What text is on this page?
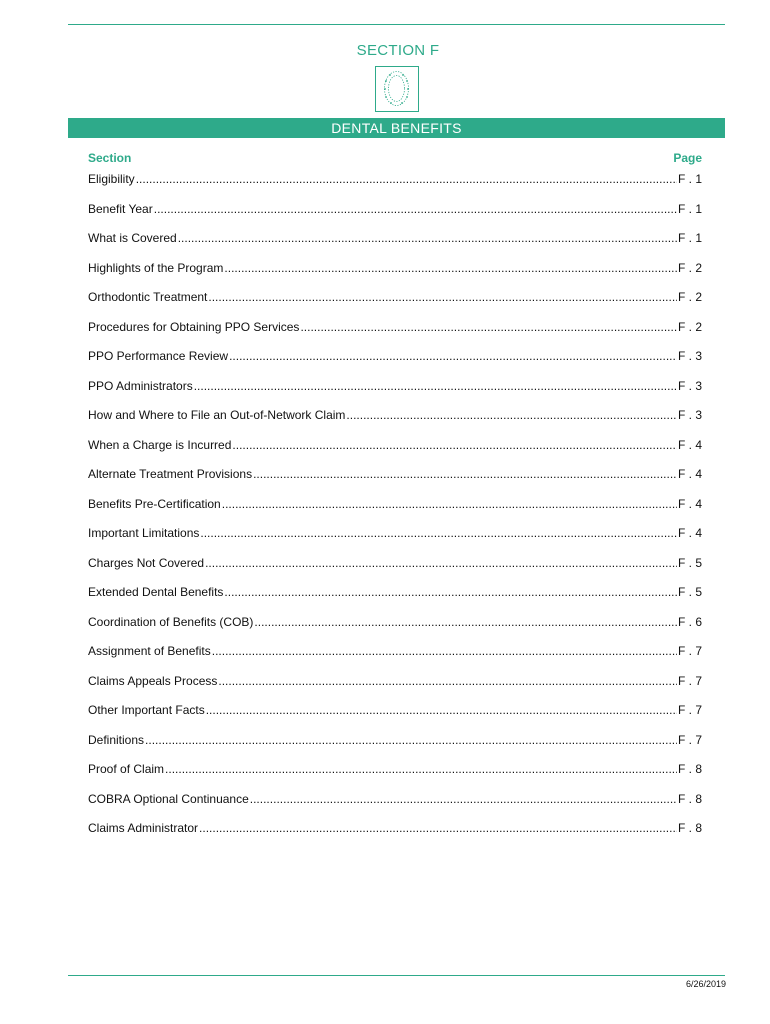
SECTION F
DENTAL BENEFITS
Section	Page
Eligibility .....	F . 1
Benefit Year .....	F . 1
What is Covered .....	F . 1
Highlights of the Program .....	F . 2
Orthodontic Treatment .....	F . 2
Procedures for Obtaining PPO Services .....	F . 2
PPO Performance Review .....	F . 3
PPO Administrators .....	F . 3
How and Where to File an Out-of-Network Claim .....	F . 3
When a Charge is Incurred .....	F . 4
Alternate Treatment Provisions .....	F . 4
Benefits Pre-Certification .....	F . 4
Important Limitations .....	F . 4
Charges Not Covered .....	F . 5
Extended Dental Benefits .....	F . 5
Coordination of Benefits (COB) .....	F . 6
Assignment of Benefits .....	F . 7
Claims Appeals Process .....	F . 7
Other Important Facts .....	F . 7
Definitions .....	F . 7
Proof of Claim .....	F . 8
COBRA Optional Continuance .....	F . 8
Claims Administrator .....	F . 8
6/26/2019
